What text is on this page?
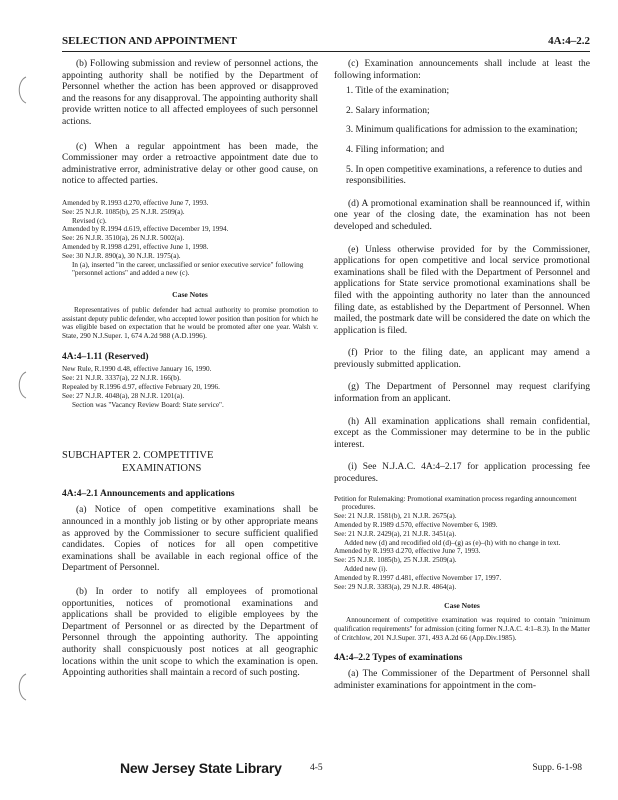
SELECTION AND APPOINTMENT	4A:4–2.2

(b) Following submission and review of personnel actions, the appointing authority shall be notified by the Department of Personnel whether the action has been approved or disapproved and the reasons for any disapproval. The appointing authority shall provide written notice to all affected employees of such personnel actions.

(c) When a regular appointment has been made, the Commissioner may order a retroactive appointment date due to administrative error, administrative delay or other good cause, on notice to affected parties.

Amended by R.1993 d.270, effective June 7, 1993.

See: 25 N.J.R. 1085(b), 25 N.J.R. 2509(a).

Revised (c).

Amended by R.1994 d.619, effective December 19, 1994.

See: 26 N.J.R. 3510(a), 26 N.J.R. 5002(a).

Amended by R.1998 d.291, effective June 1, 1998.

See: 30 N.J.R. 890(a), 30 N.J.R. 1975(a).

In (a), inserted "in the career, unclassified or senior executive service" following "personnel actions" and added a new (c).

Case Notes

Representatives of public defender had actual authority to promise promotion to assistant deputy public defender, who accepted lower position than position for which he was eligible based on expectation that he would be promoted after one year. Walsh v. State, 290 N.J.Super. 1, 674 A.2d 988 (A.D.1996).

4A:4–1.11 (Reserved)

New Rule, R.1990 d.48, effective January 16, 1990.

See: 21 N.J.R. 3337(a), 22 N.J.R. 166(b).

Repealed by R.1996 d.97, effective February 20, 1996.

See: 27 N.J.R. 4048(a), 28 N.J.R. 1201(a).

Section was "Vacancy Review Board: State service".

SUBCHAPTER 2. COMPETITIVE

EXAMINATIONS

4A:4–2.1 Announcements and applications

(a) Notice of open competitive examinations shall be announced in a monthly job listing or by other appropriate means as approved by the Commissioner to secure sufficient qualified candidates. Copies of notices for all open competitive examinations shall be available in each regional office of the Department of Personnel.

(b) In order to notify all employees of promotional opportunities, notices of promotional examinations and applications shall be provided to eligible employees by the Department of Personnel or as directed by the Department of Personnel through the appointing authority. The appointing authority shall conspicuously post notices at all geographic locations within the unit scope to which the examination is open. Appointing authorities shall maintain a record of such posting.

(c) Examination announcements shall include at least the following information:

1. Title of the examination;

2. Salary information;

3. Minimum qualifications for admission to the examination;

4. Filing information; and

5. In open competitive examinations, a reference to duties and responsibilities.

(d) A promotional examination shall be reannounced if, within one year of the closing date, the examination has not been developed and scheduled.

(e) Unless otherwise provided for by the Commissioner, applications for open competitive and local service promotional examinations shall be filed with the Department of Personnel and applications for State service promotional examinations shall be filed with the appointing authority no later than the announced filing date, as established by the Department of Personnel. When mailed, the postmark date will be considered the date on which the application is filed.

(f) Prior to the filing date, an applicant may amend a previously submitted application.

(g) The Department of Personnel may request clarifying information from an applicant.

(h) All examination applications shall remain confidential, except as the Commissioner may determine to be in the public interest.

(i) See N.J.A.C. 4A:4–2.17 for application processing fee procedures.

Petition for Rulemaking: Promotional examination process regarding announcement procedures.

See: 21 N.J.R. 1581(b), 21 N.J.R. 2675(a).

Amended by R.1989 d.570, effective November 6, 1989.

See: 21 N.J.R. 2429(a), 21 N.J.R. 3451(a).

Added new (d) and recodified old (d)–(g) as (e)–(h) with no change in text.

Amended by R.1993 d.270, effective June 7, 1993.

See: 25 N.J.R. 1085(b), 25 N.J.R. 2509(a).

Added new (i).

Amended by R.1997 d.481, effective November 17, 1997.

See: 29 N.J.R. 3383(a), 29 N.J.R. 4864(a).

Case Notes

Announcement of competitive examination was required to contain "minimum qualification requirements" for admission (citing former N.J.A.C. 4:1–8.3). In the Matter of Critchlow, 201 N.J.Super. 371, 493 A.2d 66 (App.Div.1985).

4A:4–2.2 Types of examinations

(a) The Commissioner of the Department of Personnel shall administer examinations for appointment in the com-

New Jersey State Library	4-5	Supp. 6-1-98
